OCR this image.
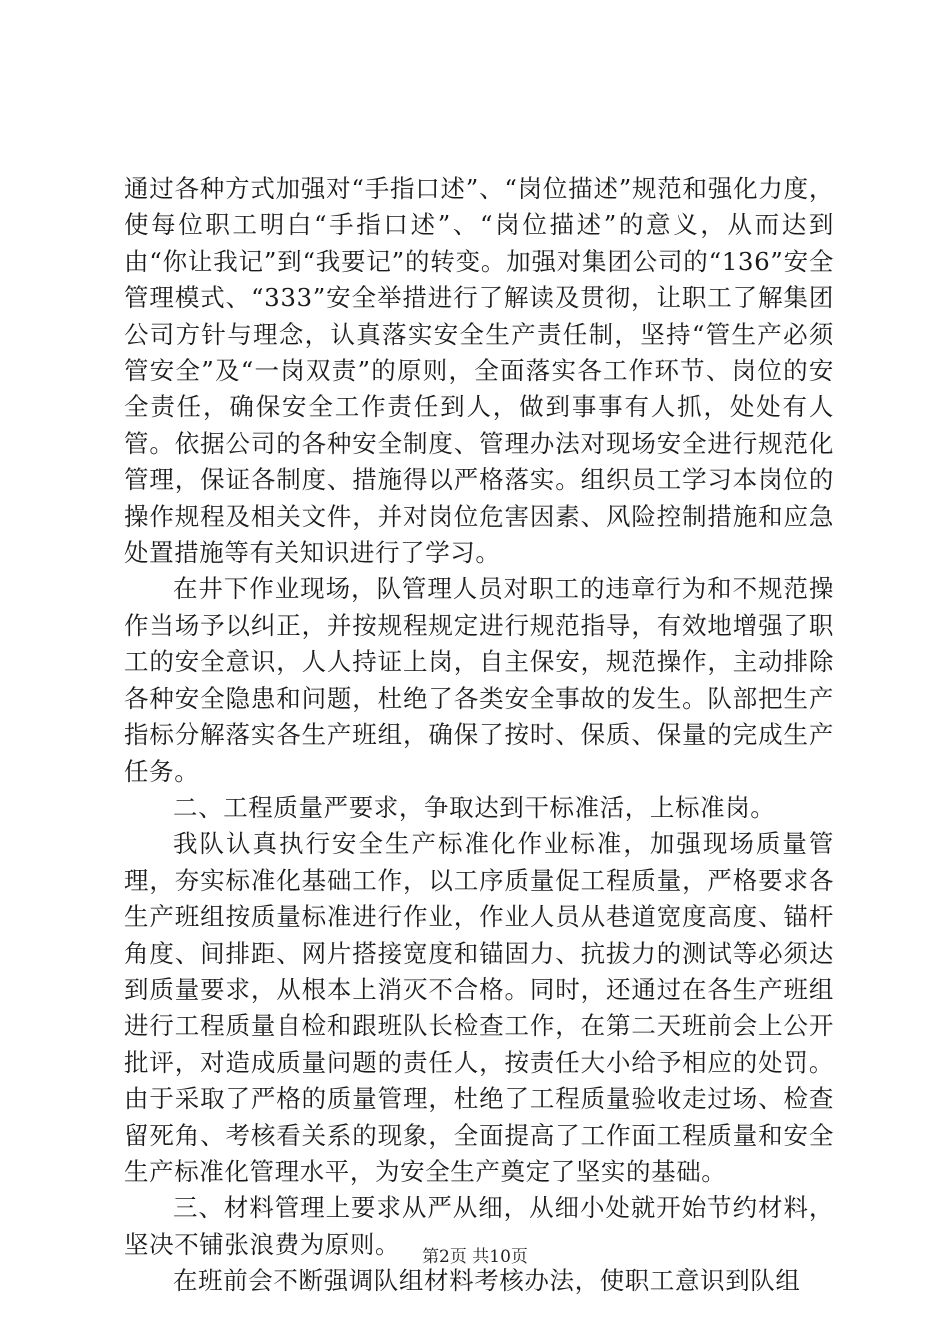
通过各种方式加强对“手指口述”、“岗位描述”规范和强化力度，使每位职工明白“手指口述”、“岗位描述”的意义，从而达到由“你让我记”到“我要记”的转变。加强对集团公司的“136”安全管理模式、“333”安全举措进行了解读及贯彻，让职工了解集团公司方针与理念，认真落实安全生产责任制，坚持“管生产必须管安全”及“一岗双责”的原则，全面落实各工作环节、岗位的安全责任，确保安全工作责任到人，做到事事有人抓，处处有人管。依据公司的各种安全制度、管理办法对现场安全进行规范化管理，保证各制度、措施得以严格落实。组织员工学习本岗位的操作规程及相关文件，并对岗位危害因素、风险控制措施和应急处置措施等有关知识进行了学习。

在井下作业现场，队管理人员对职工的违章行为和不规范操作当场予以纠正，并按规程规定进行规范指导，有效地增强了职工的安全意识，人人持证上岗，自主保安，规范操作，主动排除各种安全隐患和问题，杜绝了各类安全事故的发生。队部把生产指标分解落实各生产班组，确保了按时、保质、保量的完成生产任务。

二、工程质量严要求，争取达到干标准活，上标准岗。

我队认真执行安全生产标准化作业标准，加强现场质量管理，夯实标准化基础工作，以工序质量促工程质量，严格要求各生产班组按质量标准进行作业，作业人员从巷道宽度高度、锚杆角度、间排距、网片搭接宽度和锚固力、抗拔力的测试等必须达到质量要求，从根本上消灭不合格。同时，还通过在各生产班组进行工程质量自检和跟班队长检查工作，在第二天班前会上公开批评，对造成质量问题的责任人，按责任大小给予相应的处罚。由于采取了严格的质量管理，杜绝了工程质量验收走过场、检查留死角、考核看关系的现象，全面提高了工作面工程质量和安全生产标准化管理水平，为安全生产奠定了坚实的基础。

三、材料管理上要求从严从细，从细小处就开始节约材料，坚决不铺张浪费为原则。

在班前会不断强调队组材料考核办法，使职工意识到队组

第2页 共10页
